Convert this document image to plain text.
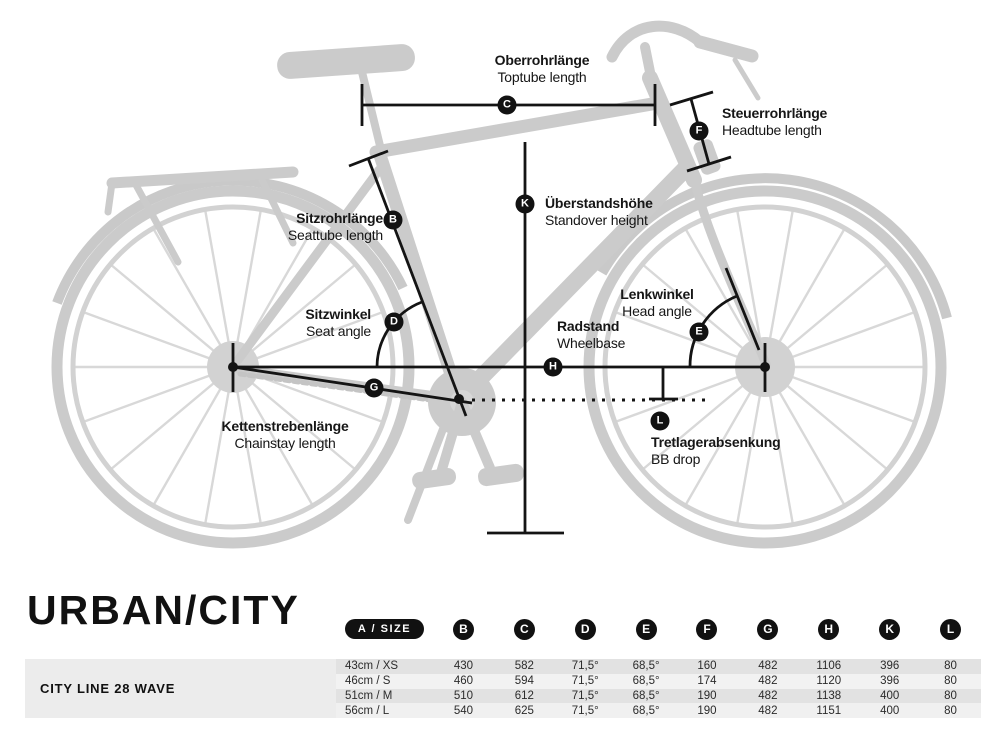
Oberrohrlänge
Toptube length
Steuerrohrlänge
Headtube length
Sitzrohrlänge
Seattube length
Überstandshöhe
Standover height
Sitzwinkel
Seat angle
Lenkwinkel
Head angle
Radstand
Wheelbase
Kettenstrebenlänge
Chainstay length	Tretlagerabsenkung
BB drop
C
F
B
K
D
E
H
G
L
URBAN/CITY	A / SIZE	B	C	D	E	F	G	H	K	L
CITY LINE 28 WAVE
43cm / XS	430	582	71,5°	68,5°	160	482	1106	396	80
46cm / S	460	594	71,5°	68,5°	174	482	1120	396	80
51cm / M	510	612	71,5°	68,5°	190	482	1138	400	80
56cm / L	540	625	71,5°	68,5°	190	482	1151	400	80
